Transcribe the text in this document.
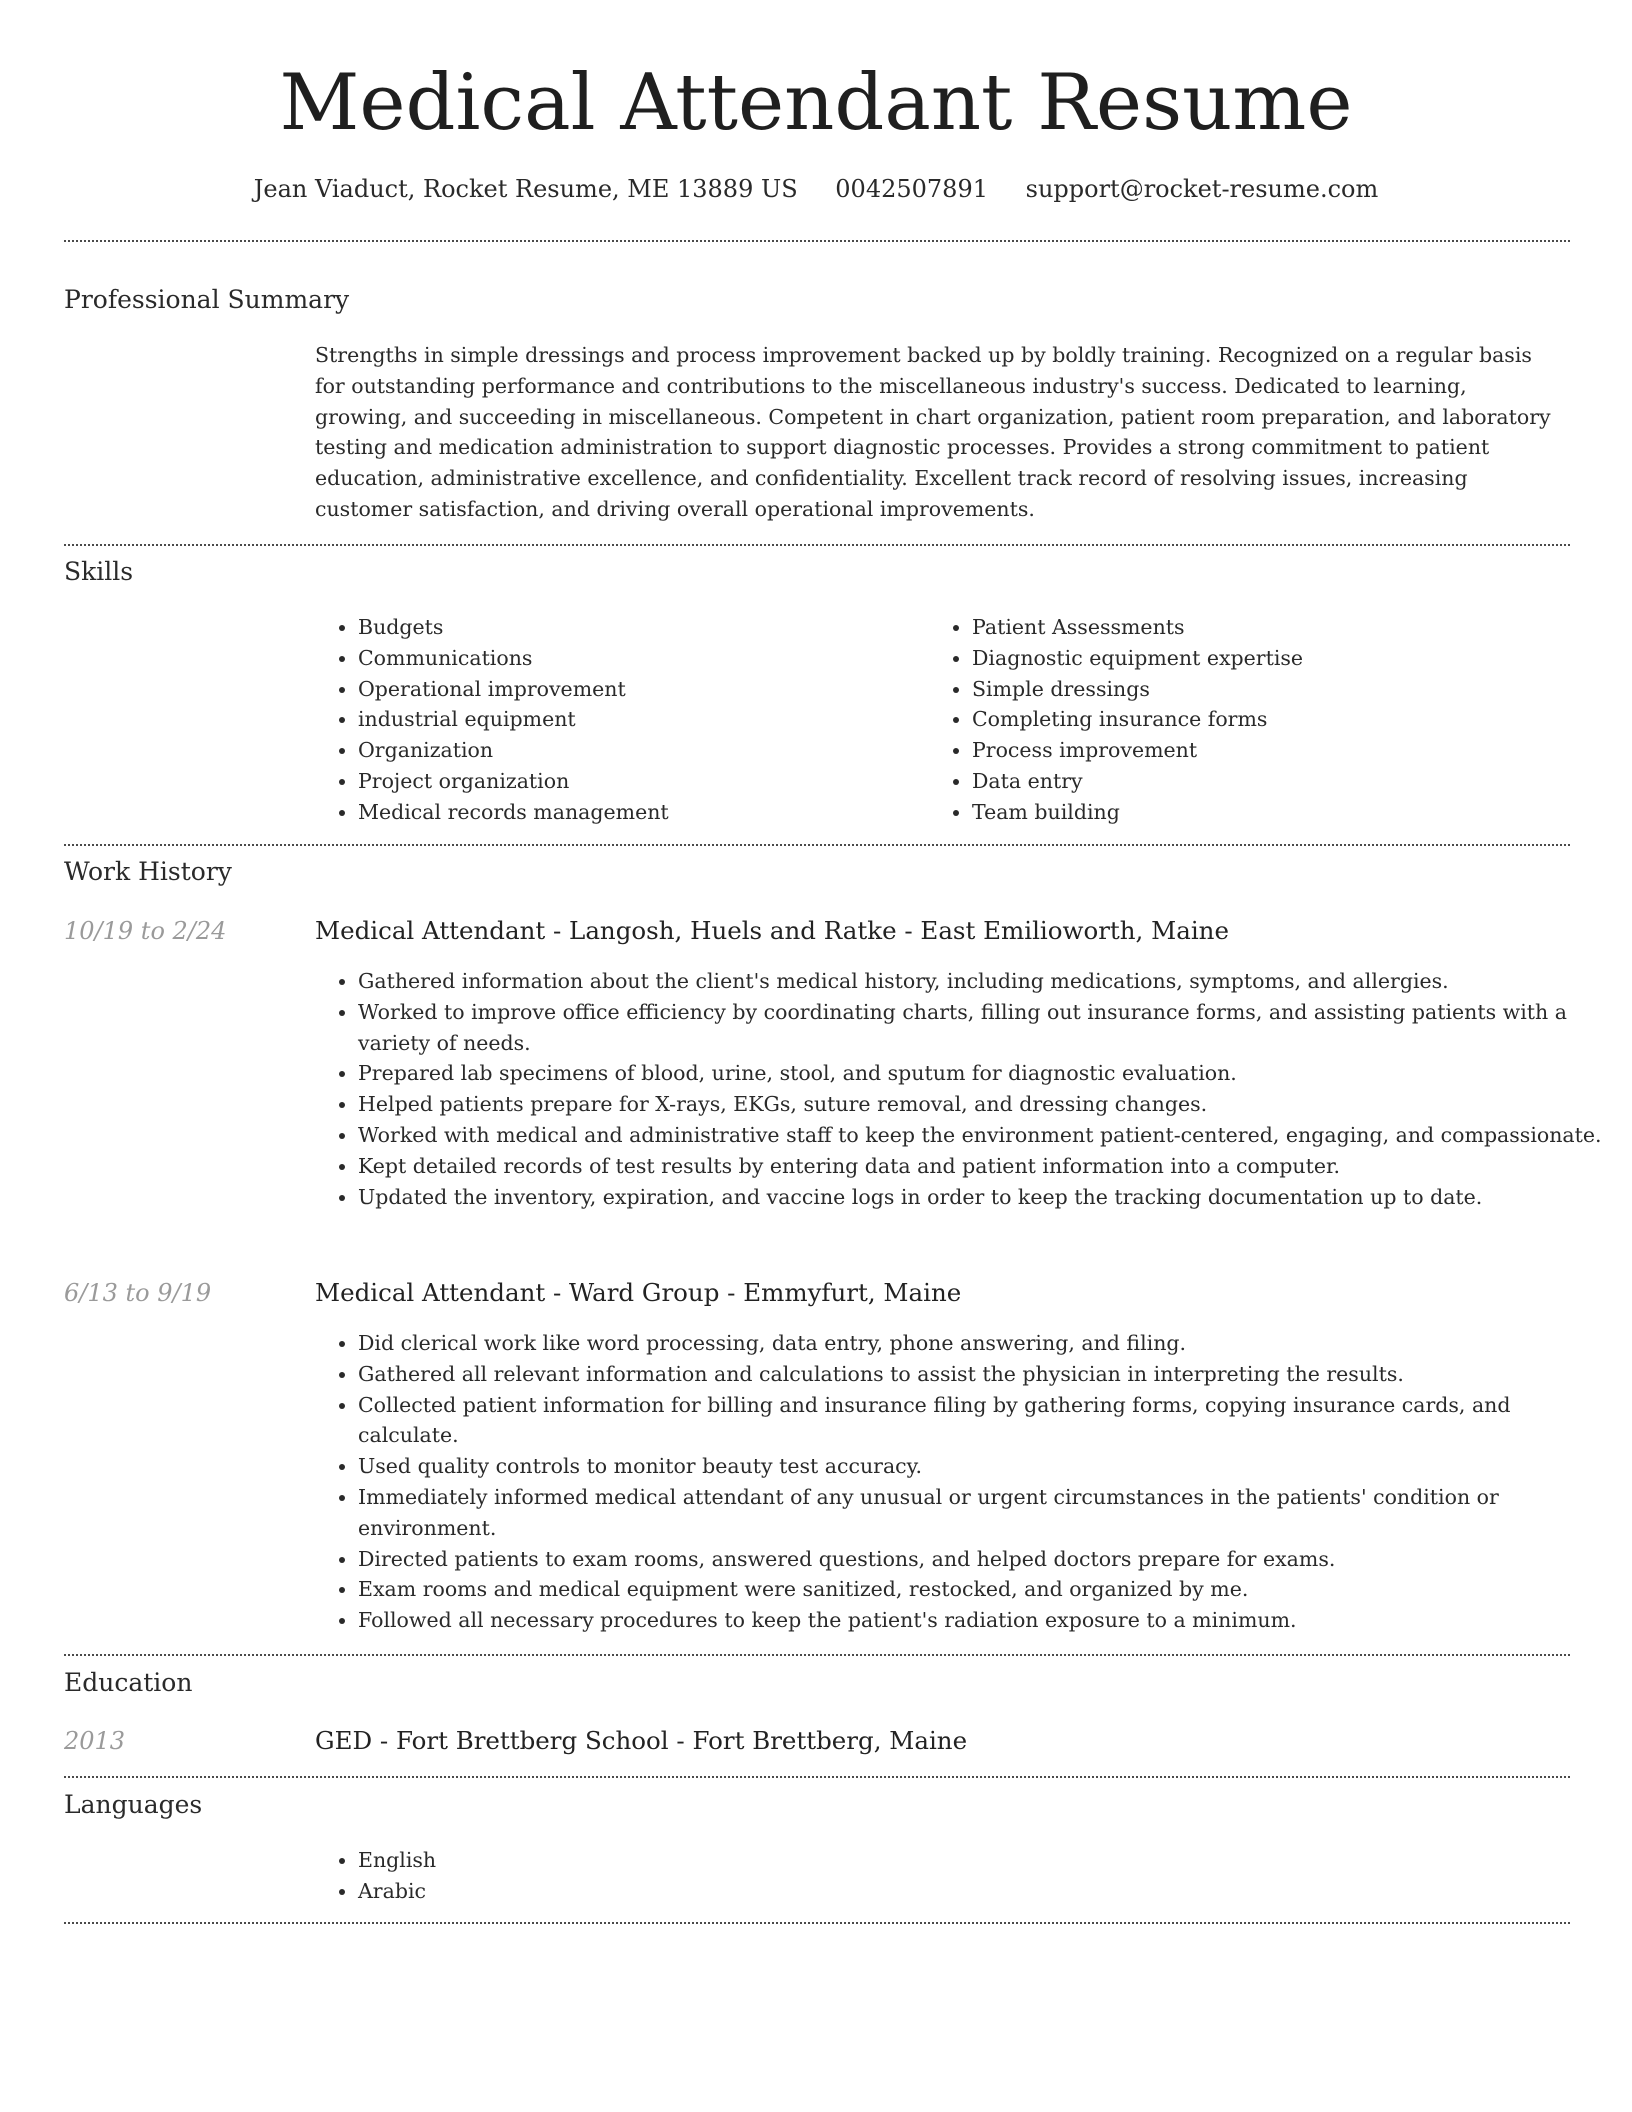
Medical Attendant Resume
Jean Viaduct, Rocket Resume, ME 13889 US 0042507891 support@rocket-resume.com
Professional Summary

Strengths in simple dressings and process improvement backed up by boldly training. Recognized on a regular basis for outstanding performance and contributions to the miscellaneous industry's success. Dedicated to learning, growing, and succeeding in miscellaneous. Competent in chart organization, patient room preparation, and laboratory testing and medication administration to support diagnostic processes. Provides a strong commitment to patient education, administrative excellence, and confidentiality. Excellent track record of resolving issues, increasing customer satisfaction, and driving overall operational improvements.

Skills
• Budgets
• Communications
• Operational improvement
• industrial equipment
• Organization
• Project organization
• Medical records management
• Patient Assessments
• Diagnostic equipment expertise
• Simple dressings
• Completing insurance forms
• Process improvement
• Data entry
• Team building
Work History
10/19 to 2/24	Medical Attendant - Langosh, Huels and Ratke - East Emilioworth, Maine
• Gathered information about the client's medical history, including medications, symptoms, and allergies.
• Worked to improve office efficiency by coordinating charts, filling out insurance forms, and assisting patients with a variety of needs.
• Prepared lab specimens of blood, urine, stool, and sputum for diagnostic evaluation.
• Helped patients prepare for X-rays, EKGs, suture removal, and dressing changes.
• Worked with medical and administrative staff to keep the environment patient-centered, engaging, and compassionate.
• Kept detailed records of test results by entering data and patient information into a computer.
• Updated the inventory, expiration, and vaccine logs in order to keep the tracking documentation up to date.
6/13 to 9/19	Medical Attendant - Ward Group - Emmyfurt, Maine
• Did clerical work like word processing, data entry, phone answering, and filing.
• Gathered all relevant information and calculations to assist the physician in interpreting the results.
• Collected patient information for billing and insurance filing by gathering forms, copying insurance cards, and calculate.
• Used quality controls to monitor beauty test accuracy.
• Immediately informed medical attendant of any unusual or urgent circumstances in the patients' condition or environment.
• Directed patients to exam rooms, answered questions, and helped doctors prepare for exams.
• Exam rooms and medical equipment were sanitized, restocked, and organized by me.
• Followed all necessary procedures to keep the patient's radiation exposure to a minimum.
Education
2013	GED - Fort Brettberg School - Fort Brettberg, Maine
Languages
• English
• Arabic
